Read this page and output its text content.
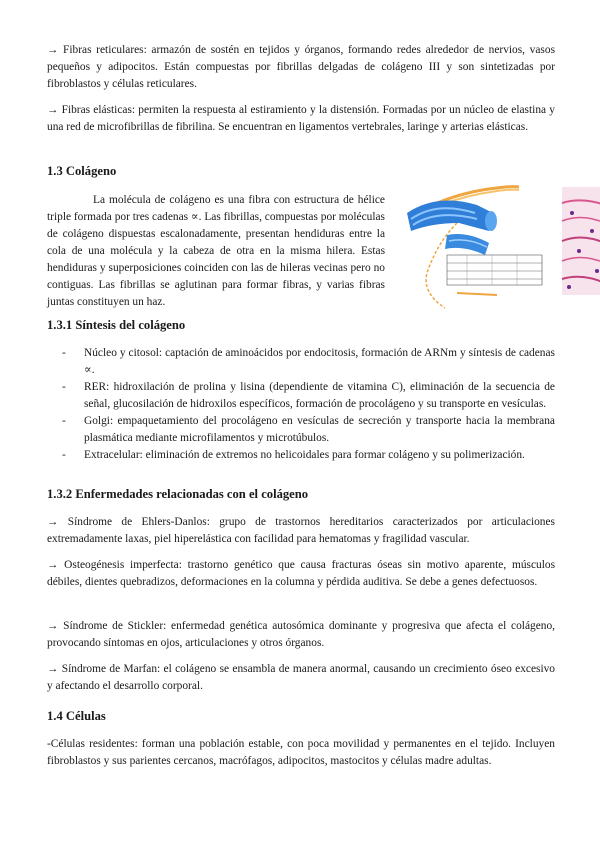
→ Fibras reticulares: armazón de sostén en tejidos y órganos, formando redes alrededor de nervios, vasos pequeños y adipocitos. Están compuestas por fibrillas delgadas de colágeno III y son sintetizadas por fibroblastos y células reticulares.

→ Fibras elásticas: permiten la respuesta al estiramiento y la distensión. Formadas por un núcleo de elastina y una red de microfibrillas de fibrilina. Se encuentran en ligamentos vertebrales, laringe y arterias elásticas.

1.3 Colágeno

La molécula de colágeno es una fibra con estructura de hélice triple formada por tres cadenas ∝. Las fibrillas, compuestas por moléculas de colágeno dispuestas escalonadamente, presentan hendiduras entre la cola de una molécula y la cabeza de otra en la misma hilera. Estas hendiduras y superposiciones coinciden con las de hileras vecinas pero no contiguas. Las fibrillas se aglutinan para formar fibras, y varias fibras juntas constituyen un haz.

1.3.1 Síntesis del colágeno
- Núcleo y citosol: captación de aminoácidos por endocitosis, formación de ARNm y síntesis de cadenas ∝.
- RER: hidroxilación de prolina y lisina (dependiente de vitamina C), eliminación de la secuencia de señal, glucosilación de hidroxilos específicos, formación de procolágeno y su transporte en vesículas.
- Golgi: empaquetamiento del procolágeno en vesículas de secreción y transporte hacia la membrana plasmática mediante microfilamentos y microtúbulos.
- Extracelular: eliminación de extremos no helicoidales para formar colágeno y su polimerización.
1.3.2 Enfermedades relacionadas con el colágeno

→ Síndrome de Ehlers-Danlos: grupo de trastornos hereditarios caracterizados por articulaciones extremadamente laxas, piel hiperelástica con facilidad para hematomas y fragilidad vascular.

→ Osteogénesis imperfecta: trastorno genético que causa fracturas óseas sin motivo aparente, músculos débiles, dientes quebradizos, deformaciones en la columna y pérdida auditiva. Se debe a genes defectuosos.

→ Síndrome de Stickler: enfermedad genética autosómica dominante y progresiva que afecta el colágeno, provocando síntomas en ojos, articulaciones y otros órganos.

→ Síndrome de Marfan: el colágeno se ensambla de manera anormal, causando un crecimiento óseo excesivo y afectando el desarrollo corporal.

1.4 Células

-Células residentes: forman una población estable, con poca movilidad y permanentes en el tejido. Incluyen fibroblastos y sus parientes cercanos, macrófagos, adipocitos, mastocitos y células madre adultas.
